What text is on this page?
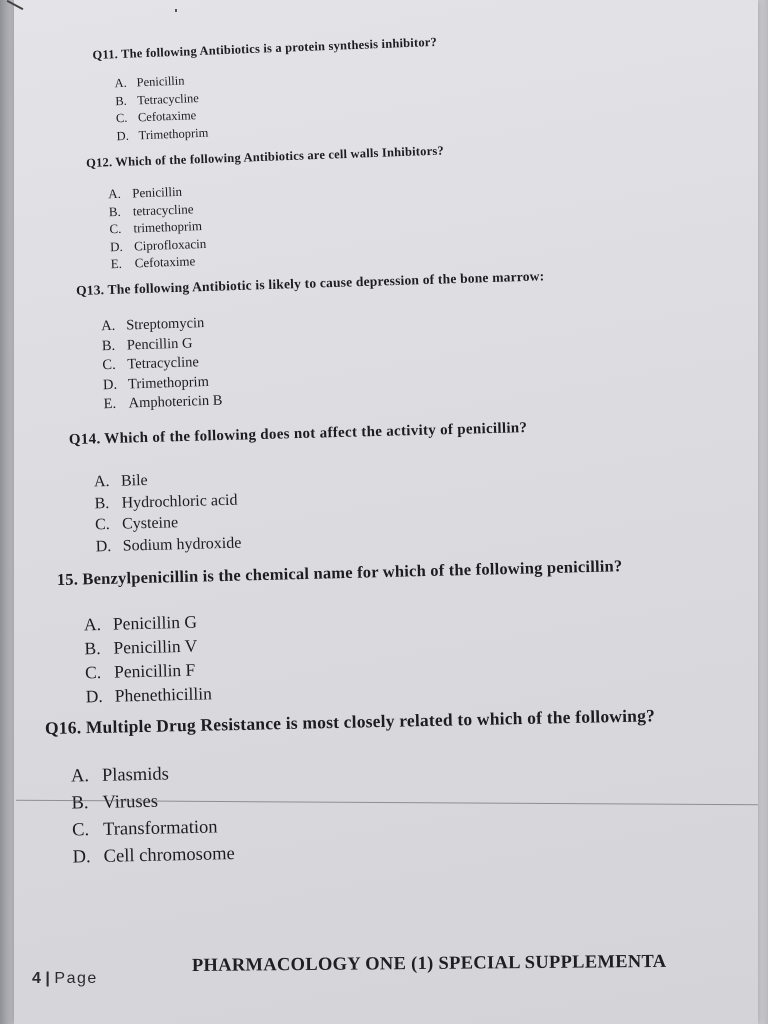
Q11. The following Antibiotics is a protein synthesis inhibitor?
A. Penicillin
B. Tetracycline
C. Cefotaxime
D. Trimethoprim
Q12. Which of the following Antibiotics are cell walls Inhibitors?
A. Penicillin
B. tetracycline
C. trimethoprim
D. Ciprofloxacin
E. Cefotaxime
Q13. The following Antibiotic is likely to cause depression of the bone marrow:
A. Streptomycin
B. Pencillin G
C. Tetracycline
D. Trimethoprim
E. Amphotericin B
Q14. Which of the following does not affect the activity of penicillin?
A. Bile
B. Hydrochloric acid
C. Cysteine
D. Sodium hydroxide
15. Benzylpenicillin is the chemical name for which of the following penicillin?
A. Penicillin G
B. Penicillin V
C. Penicillin F
D. Phenethicillin
Q16. Multiple Drug Resistance is most closely related to which of the following?
A. Plasmids
B. Viruses
C. Transformation
D. Cell chromosome
4 | Page
PHARMACOLOGY ONE (1) SPECIAL SUPPLEMENTA
